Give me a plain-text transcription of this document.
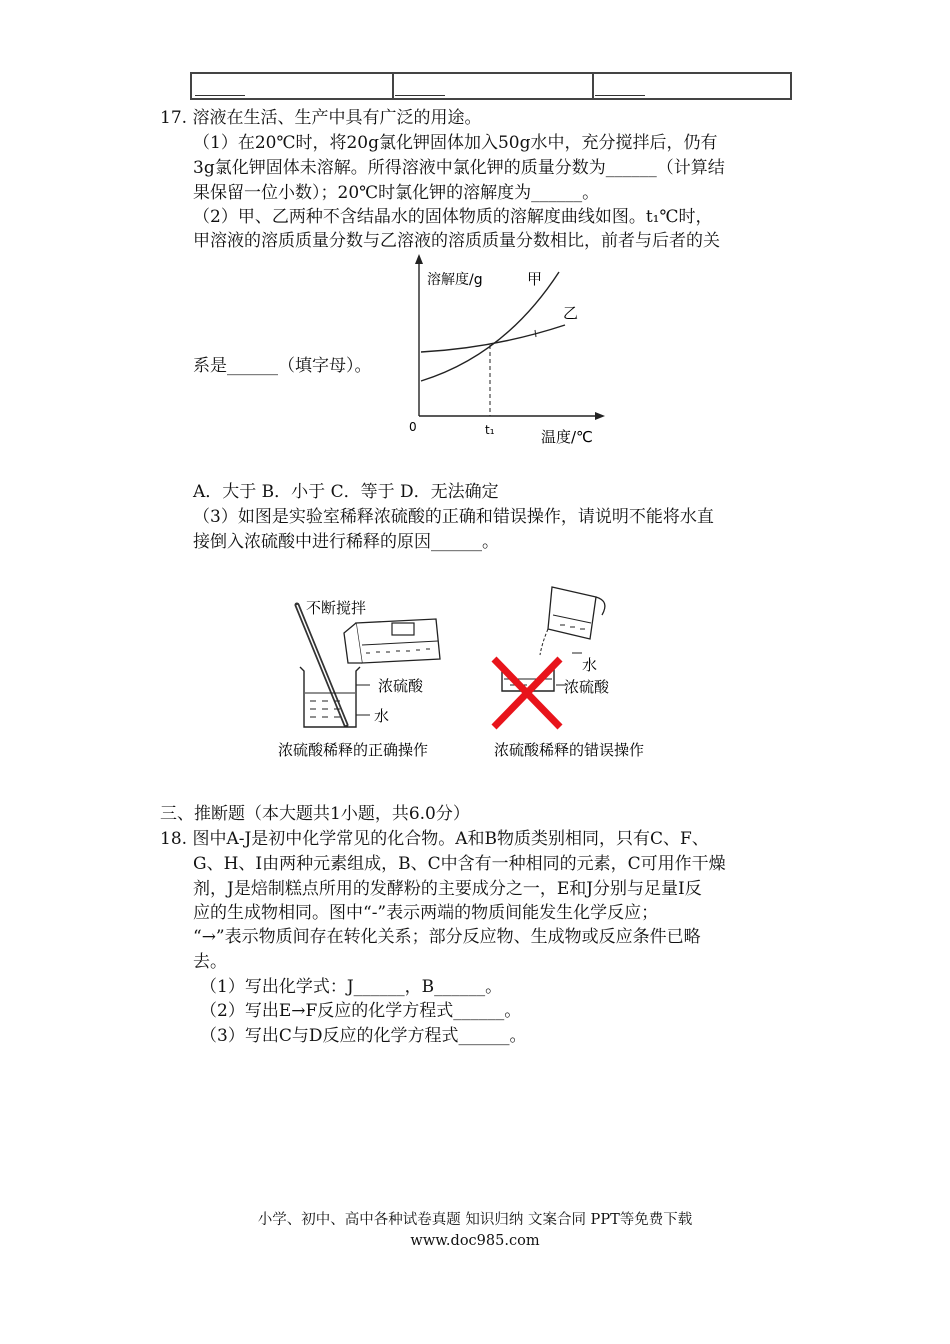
17. 溶液在生活、生产中具有广泛的用途。
（1）在20℃时，将20g氯化钾固体加入50g水中，充分搅拌后，仍有
3g氯化钾固体未溶解。所得溶液中氯化钾的质量分数为______（计算结
果保留一位小数）；20℃时氯化钾的溶解度为______。
（2）甲、乙两种不含结晶水的固体物质的溶解度曲线如图。t₁℃时，
甲溶液的溶质质量分数与乙溶液的溶质质量分数相比，前者与后者的关
系是______（填字母）。
溶解度/g	甲
乙
0	t₁	温度/℃
A．大于 B．小于 C．等于 D．无法确定
（3）如图是实验室稀释浓硫酸的正确和错误操作，请说明不能将水直
接倒入浓硫酸中进行稀释的原因______。
不断搅拌
浓硫酸
水
浓硫酸稀释的正确操作
水
浓硫酸
浓硫酸稀释的错误操作
三、推断题（本大题共1小题，共6.0分）
18. 图中A-J是初中化学常见的化合物。A和B物质类别相同，只有C、F、
G、H、I由两种元素组成，B、C中含有一种相同的元素，C可用作干燥
剂，J是焙制糕点所用的发酵粉的主要成分之一，E和J分别与足量I反
应的生成物相同。图中“-”表示两端的物质间能发生化学反应；
“→”表示物质间存在转化关系；部分反应物、生成物或反应条件已略
去。
（1）写出化学式：J______，B______。
（2）写出E→F反应的化学方程式______。
（3）写出C与D反应的化学方程式______。
小学、初中、高中各种试卷真题 知识归纳 文案合同 PPT等免费下载
www.doc985.com
